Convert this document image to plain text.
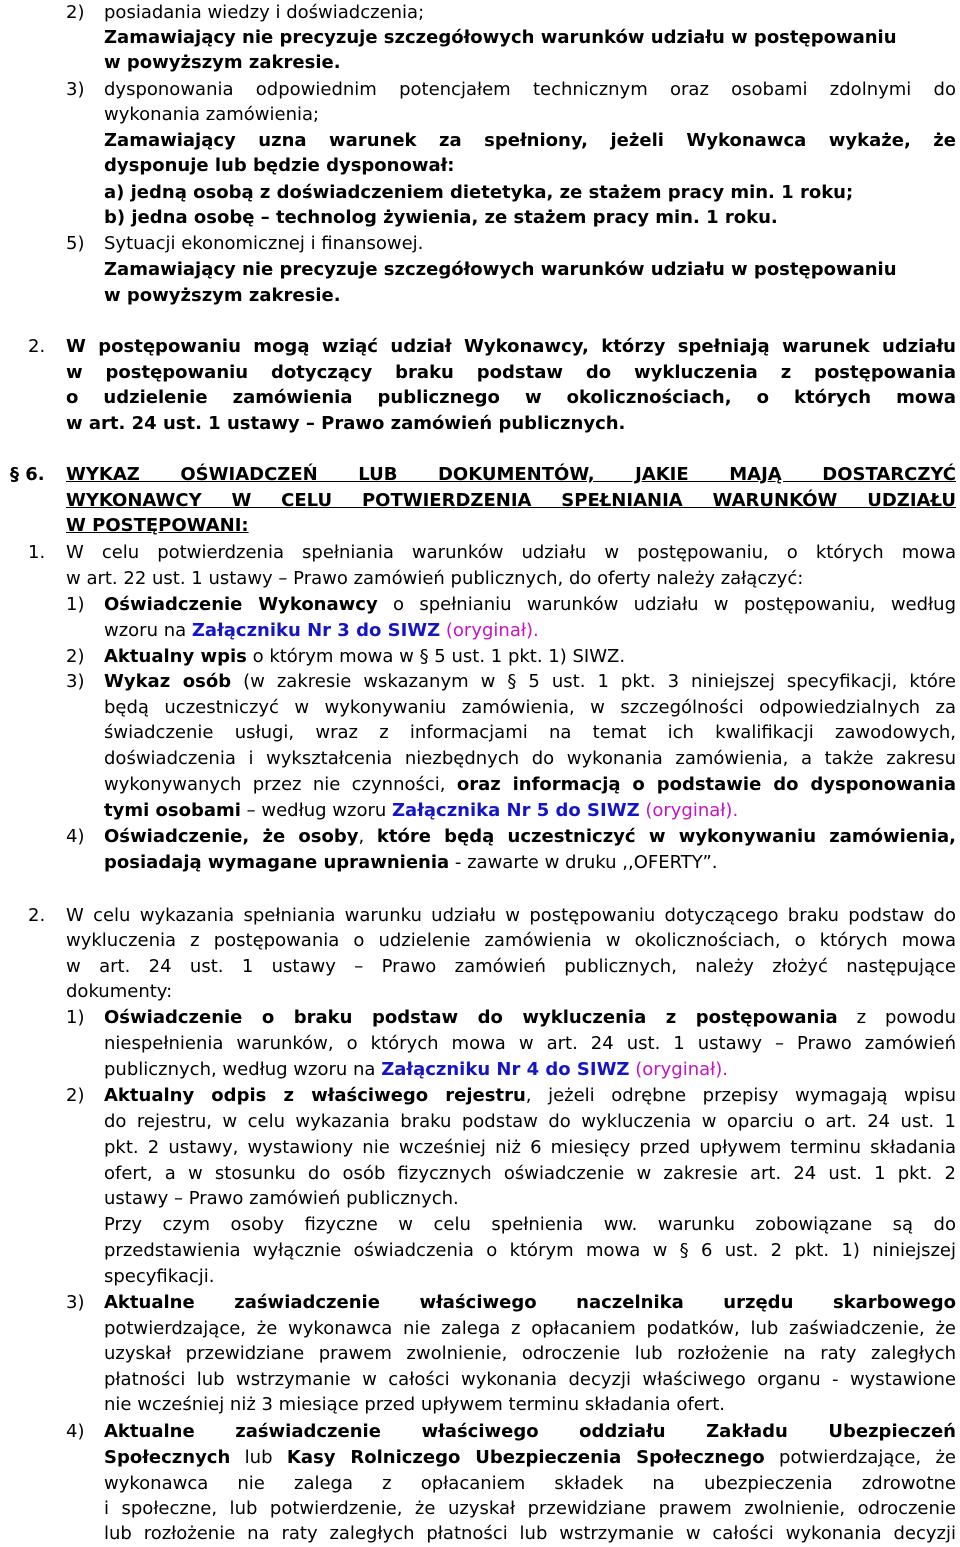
2) posiadania wiedzy i doświadczenia;
Zamawiający nie precyzuje szczegółowych warunków udziału w postępowaniu
w powyższym zakresie.
3) dysponowania odpowiednim potencjałem technicznym oraz osobami zdolnymi do
wykonania zamówienia;
Zamawiający uzna warunek za spełniony, jeżeli Wykonawca wykaże, że
dysponuje lub będzie dysponował:
a) jedną osobą z doświadczeniem dietetyka, ze stażem pracy min. 1 roku;
b) jedna osobę – technolog żywienia, ze stażem pracy min. 1 roku.
5) Sytuacji ekonomicznej i finansowej.
Zamawiający nie precyzuje szczegółowych warunków udziału w postępowaniu
w powyższym zakresie.
2. W postępowaniu mogą wziąć udział Wykonawcy, którzy spełniają warunek udziału
w postępowaniu dotyczący braku podstaw do wykluczenia z postępowania
o udzielenie zamówienia publicznego w okolicznościach, o których mowa
w art. 24 ust. 1 ustawy – Prawo zamówień publicznych.
§ 6. WYKAZ OŚWIADCZEŃ LUB DOKUMENTÓW, JAKIE MAJĄ DOSTARCZYĆ
WYKONAWCY W CELU POTWIERDZENIA SPEŁNIANIA WARUNKÓW UDZIAŁU
W POSTĘPOWANI:
1. W celu potwierdzenia spełniania warunków udziału w postępowaniu, o których mowa
w art. 22 ust. 1 ustawy – Prawo zamówień publicznych, do oferty należy załączyć:
1) Oświadczenie Wykonawcy o spełnianiu warunków udziału w postępowaniu, według
wzoru na Załączniku Nr 3 do SIWZ (oryginał).
2) Aktualny wpis o którym mowa w § 5 ust. 1 pkt. 1) SIWZ.
3) Wykaz osób (w zakresie wskazanym w § 5 ust. 1 pkt. 3 niniejszej specyfikacji, które
będą uczestniczyć w wykonywaniu zamówienia, w szczególności odpowiedzialnych za
świadczenie usługi, wraz z informacjami na temat ich kwalifikacji zawodowych,
doświadczenia i wykształcenia niezbędnych do wykonania zamówienia, a także zakresu
wykonywanych przez nie czynności, oraz informacją o podstawie do dysponowania
tymi osobami – według wzoru Załącznika Nr 5 do SIWZ (oryginał).
4) Oświadczenie, że osoby, które będą uczestniczyć w wykonywaniu zamówienia,
posiadają wymagane uprawnienia - zawarte w druku ,,OFERTY”.
2. W celu wykazania spełniania warunku udziału w postępowaniu dotyczącego braku podstaw do
wykluczenia z postępowania o udzielenie zamówienia w okolicznościach, o których mowa
w art. 24 ust. 1 ustawy – Prawo zamówień publicznych, należy złożyć następujące
dokumenty:
1) Oświadczenie o braku podstaw do wykluczenia z postępowania z powodu
niespełnienia warunków, o których mowa w art. 24 ust. 1 ustawy – Prawo zamówień
publicznych, według wzoru na Załączniku Nr 4 do SIWZ (oryginał).
2) Aktualny odpis z właściwego rejestru, jeżeli odrębne przepisy wymagają wpisu
do rejestru, w celu wykazania braku podstaw do wykluczenia w oparciu o art. 24 ust. 1
pkt. 2 ustawy, wystawiony nie wcześniej niż 6 miesięcy przed upływem terminu składania
ofert, a w stosunku do osób fizycznych oświadczenie w zakresie art. 24 ust. 1 pkt. 2
ustawy – Prawo zamówień publicznych.
Przy czym osoby fizyczne w celu spełnienia ww. warunku zobowiązane są do
przedstawienia wyłącznie oświadczenia o którym mowa w § 6 ust. 2 pkt. 1) niniejszej
specyfikacji.
3) Aktualne zaświadczenie właściwego naczelnika urzędu skarbowego
potwierdzające, że wykonawca nie zalega z opłacaniem podatków, lub zaświadczenie, że
uzyskał przewidziane prawem zwolnienie, odroczenie lub rozłożenie na raty zaległych
płatności lub wstrzymanie w całości wykonania decyzji właściwego organu - wystawione
nie wcześniej niż 3 miesiące przed upływem terminu składania ofert.
4) Aktualne zaświadczenie właściwego oddziału Zakładu Ubezpieczeń
Społecznych lub Kasy Rolniczego Ubezpieczenia Społecznego potwierdzające, że
wykonawca nie zalega z opłacaniem składek na ubezpieczenia zdrowotne
i społeczne, lub potwierdzenie, że uzyskał przewidziane prawem zwolnienie, odroczenie
lub rozłożenie na raty zaległych płatności lub wstrzymanie w całości wykonania decyzji
